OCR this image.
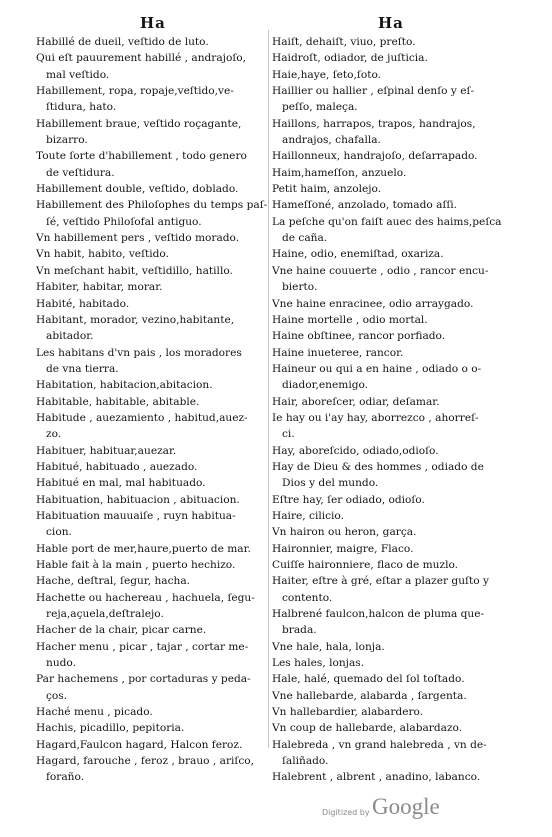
Ha	Ha
Habillé de dueil, veſtido de luto.
Qui eſt pauurement habillé , andrajoſo,
mal veſtido.
Habillement, ropa, ropaje,veſtido,ve-
ſtidura, hato.
Habillement braue, veſtido roçagante,
bizarro.
Toute ſorte d'habillement , todo genero
de veſtidura.
Habillement double, veſtido, doblado.
Habillement des Philoſophes du temps paſ-
ſé, veſtido Philoſofal antiguo.
Vn habillement pers , veſtido morado.
Vn habit, habito, veſtido.
Vn meſchant habit, veſtidillo, hatillo.
Habiter, habitar, morar.
Habité, habitado.
Habitant, morador, vezino,habitante,
abitador.
Les habitans d'vn pais , los moradores
de vna tierra.
Habitation, habitacion,abitacion.
Habitable, habitable, abitable.
Habitude , auezamiento , habitud,auez-
zo.
Habituer, habituar,auezar.
Habitué, habituado , auezado.
Habitué en mal, mal habituado.
Habituation, habituacion , abituacion.
Habituation mauuaiſe , ruyn habitua-
cion.
Hable port de mer,haure,puerto de mar.
Hable fait à la main , puerto hechizo.
Hache, deſtral, ſegur, hacha.
Hachette ou hachereau , hachuela, ſegu-
reja,açuela,deſtralejo.
Hacher de la chair, picar carne.
Hacher menu , picar , tajar , cortar me-
nudo.
Par hachemens , por cortaduras y peda-
ços.
Haché menu , picado.
Hachis, picadillo, pepitoria.
Hagard,Faulcon hagard, Halcon feroz.
Hagard, farouche , feroz , brauo , ariſco,
foraño.
Haiſt, dehaiſt, viuo, preſto.
Haidroſt, odiador, de juſticia.
Haie,haye, ſeto,ſoto.
Haillier ou hallier , eſpinal denſo y eſ-
peſſo, maleça.
Haillons, harrapos, trapos, handrajos,
andrajos, chafalla.
Haillonneux, handrajoſo, deſarrapado.
Haim,hameſſon, anzuelo.
Petit haim, anzolejo.
Hameſſoné, anzolado, tomado aſſi.
La peſche qu'on faiſt auec des haims,peſca
de caña.
Haine, odio, enemiſtad, oxariza.
Vne haine couuerte , odio , rancor encu-
bierto.
Vne haine enracinee, odio arraygado.
Haine mortelle , odio mortal.
Haine obſtinee, rancor porfiado.
Haine inueteree, rancor.
Haineur ou qui a en haine , odiado o o-
diador,enemigo.
Hair, aboreſcer, odiar, deſamar.
Ie hay ou i'ay hay, aborrezco , ahorreſ-
ci.
Hay, aboreſcido, odiado,odioſo.
Hay de Dieu & des hommes , odiado de
Dios y del mundo.
Eſtre hay, ſer odiado, odioſo.
Haire, cilicio.
Vn hairon ou heron, garça.
Haironnier, maigre, Flaco.
Cuiſſe haironniere, flaco de muzlo.
Haiter, eſtre à gré, eſtar a plazer guſto y
contento.
Halbrené faulcon,halcon de pluma que-
brada.
Vne hale, hala, lonja.
Les hales, lonjas.
Hale, halé, quemado del ſol toſtado.
Vne hallebarde, alabarda , ſargenta.
Vn hallebardier, alabardero.
Vn coup de hallebarde, alabardazo.
Halebreda , vn grand halebreda , vn de-
ſaliñado.
Halebrent , albrent , anadino, labanco.
Digitized by Google
